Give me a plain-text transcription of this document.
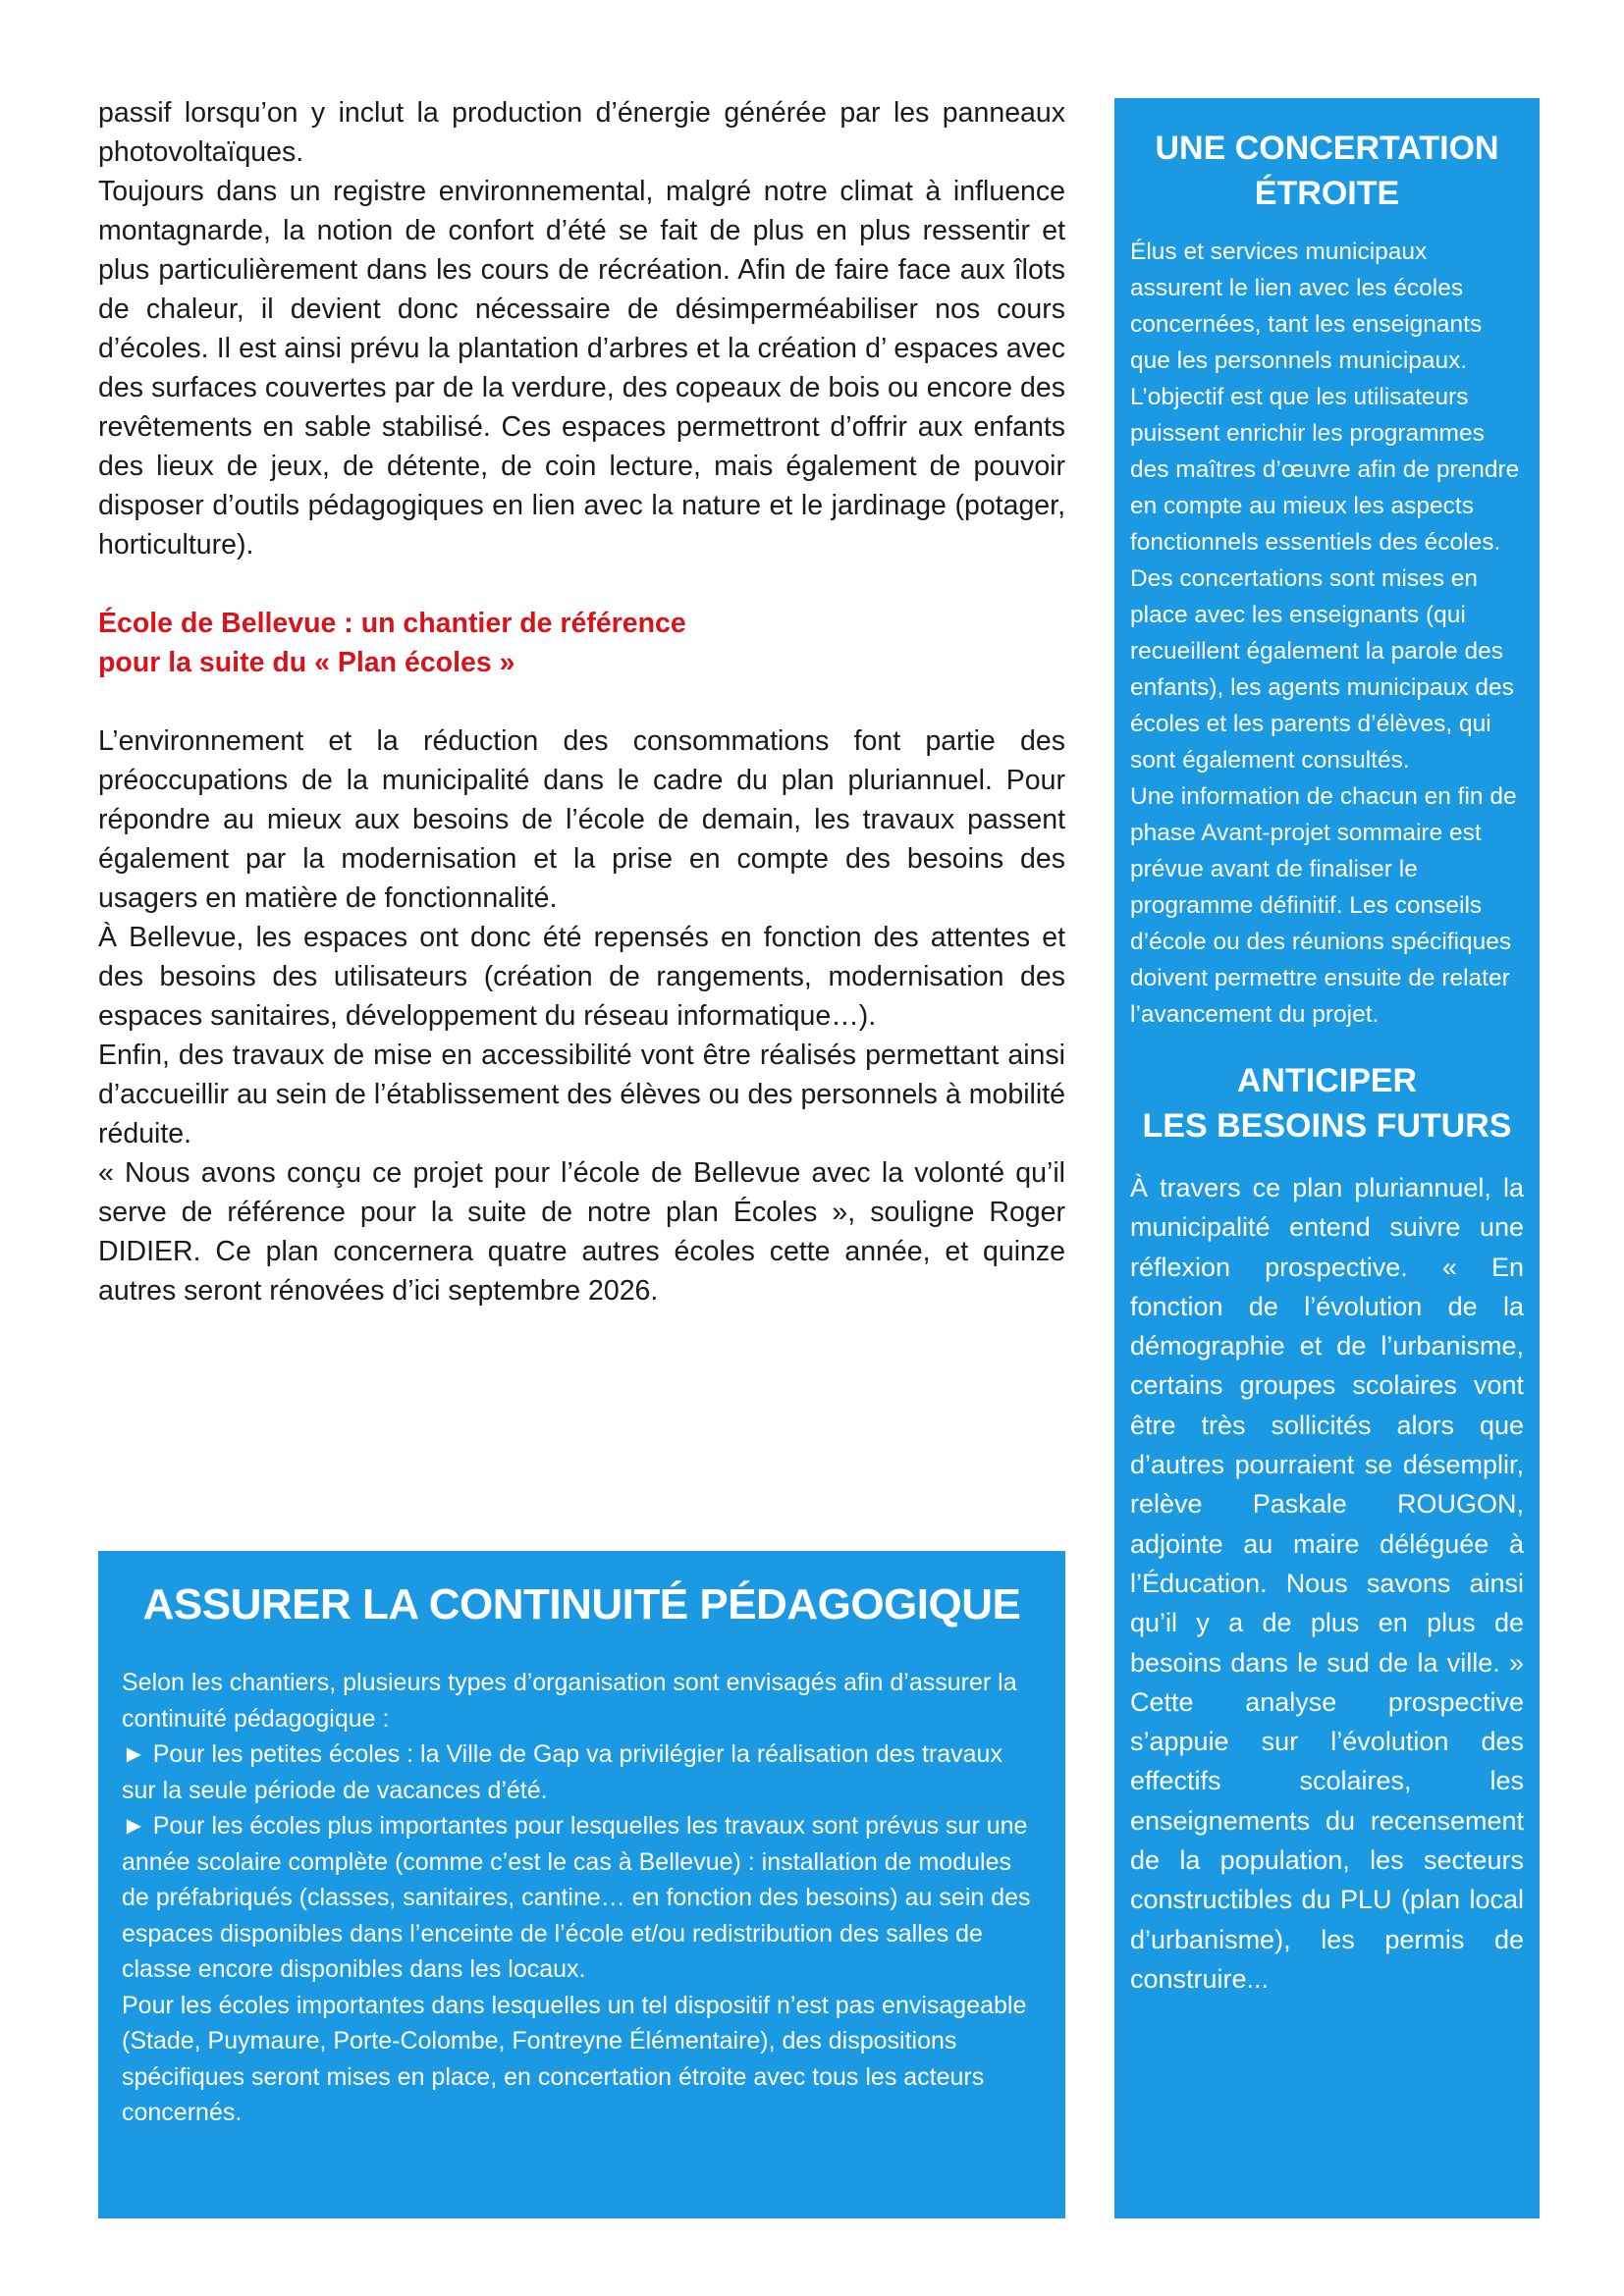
passif lorsqu’on y inclut la production d’énergie générée par les panneaux photovoltaïques.

Toujours dans un registre environnemental, malgré notre climat à influence montagnarde, la notion de confort d’été se fait de plus en plus ressentir et plus particulièrement dans les cours de récréation. Afin de faire face aux îlots de chaleur, il devient donc nécessaire de désimperméabiliser nos cours d’écoles. Il est ainsi prévu la plantation d’arbres et la création d’ espaces avec des surfaces couvertes par de la verdure, des copeaux de bois ou encore des revêtements en sable stabilisé. Ces espaces permettront d’offrir aux enfants des lieux de jeux, de détente, de coin lecture, mais également de pouvoir disposer d’outils pédagogiques en lien avec la nature et le jardinage (potager, horticulture).

École de Bellevue : un chantier de référence

pour la suite du « Plan écoles »

L’environnement et la réduction des consommations font partie des préoccupations de la municipalité dans le cadre du plan pluriannuel. Pour répondre au mieux aux besoins de l’école de demain, les travaux passent également par la modernisation et la prise en compte des besoins des usagers en matière de fonctionnalité.

À Bellevue, les espaces ont donc été repensés en fonction des attentes et des besoins des utilisateurs (création de rangements, modernisation des espaces sanitaires, développement du réseau informatique…).

Enfin, des travaux de mise en accessibilité vont être réalisés permettant ainsi d’accueillir au sein de l’établissement des élèves ou des personnels à mobilité réduite.

« Nous avons conçu ce projet pour l’école de Bellevue avec la volonté qu’il serve de référence pour la suite de notre plan Écoles », souligne Roger DIDIER. Ce plan concernera quatre autres écoles cette année, et quinze autres seront rénovées d’ici septembre 2026.

ASSURER LA CONTINUITÉ PÉDAGOGIQUE

Selon les chantiers, plusieurs types d’organisation sont envisagés afin d’assurer la continuité pédagogique :

► Pour les petites écoles : la Ville de Gap va privilégier la réalisation des travaux sur la seule période de vacances d’été.

► Pour les écoles plus importantes pour lesquelles les travaux sont prévus sur une année scolaire complète (comme c’est le cas à Bellevue) : installation de modules de préfabriqués (classes, sanitaires, cantine… en fonction des besoins) au sein des espaces disponibles dans l’enceinte de l’école et/ou redistribution des salles de classe encore disponibles dans les locaux.

Pour les écoles importantes dans lesquelles un tel dispositif n’est pas envisageable (Stade, Puymaure, Porte-Colombe, Fontreyne Élémentaire), des dispositions spécifiques seront mises en place, en concertation étroite avec tous les acteurs concernés.

UNE CONCERTATION
ÉTROITE

Élus et services municipaux assurent le lien avec les écoles concernées, tant les enseignants que les personnels municipaux. L’objectif est que les utilisateurs puissent enrichir les programmes des maîtres d’œuvre afin de prendre en compte au mieux les aspects fonctionnels essentiels des écoles.

Des concertations sont mises en place avec les enseignants (qui recueillent également la parole des enfants), les agents municipaux des écoles et les parents d’élèves, qui sont également consultés.

Une information de chacun en fin de phase Avant-projet sommaire est prévue avant de finaliser le programme définitif. Les conseils d’école ou des réunions spécifiques doivent permettre ensuite de relater l’avancement du projet.

ANTICIPER
LES BESOINS FUTURS

À travers ce plan pluriannuel, la municipalité entend suivre une réflexion prospective. « En fonction de l’évolution de la démographie et de l’urbanisme, certains groupes scolaires vont être très sollicités alors que d’autres pourraient se désemplir, relève Paskale ROUGON, adjointe au maire déléguée à l’Éducation. Nous savons ainsi qu’il y a de plus en plus de besoins dans le sud de la ville. » Cette analyse prospective s’appuie sur l’évolution des effectifs scolaires, les enseignements du recensement de la population, les secteurs constructibles du PLU (plan local d’urbanisme), les permis de construire...
